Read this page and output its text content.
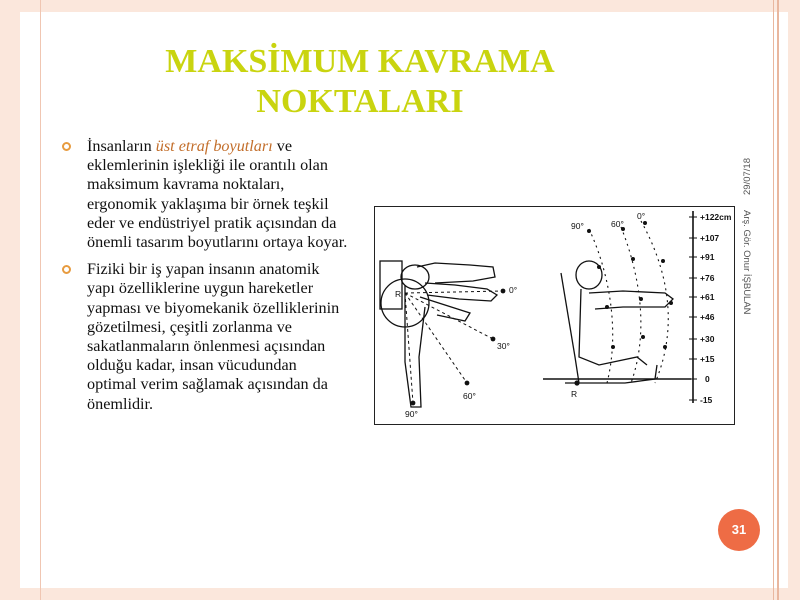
MAKSİMUM KAVRAMA NOKTALARI
İnsanların üst etraf boyutları ve eklemlerinin işlekliği ile orantılı olan maksimum kavrama noktaları, ergonomik yaklaşıma bir örnek teşkil eder ve endüstriyel pratik açısından da önemli tasarım boyutlarını ortaya koyar.
Fiziki bir iş yapan insanın anatomik yapı özelliklerine uygun hareketler yapması ve biyomekanik özelliklerinin gözetilmesi, çeşitli zorlanma ve sakatlanmaların önlenmesi açısından olduğu kadar, insan vücudundan optimal verim sağlamak açısından da önemlidir.
R	0°
30°
60°
90°
90°	60°
0°
R
+122cm
+107
+91
+76
+61
+46
+30
+15
0
-15
29/07/18
Arş. Gör. Onur İŞBULAN
31
